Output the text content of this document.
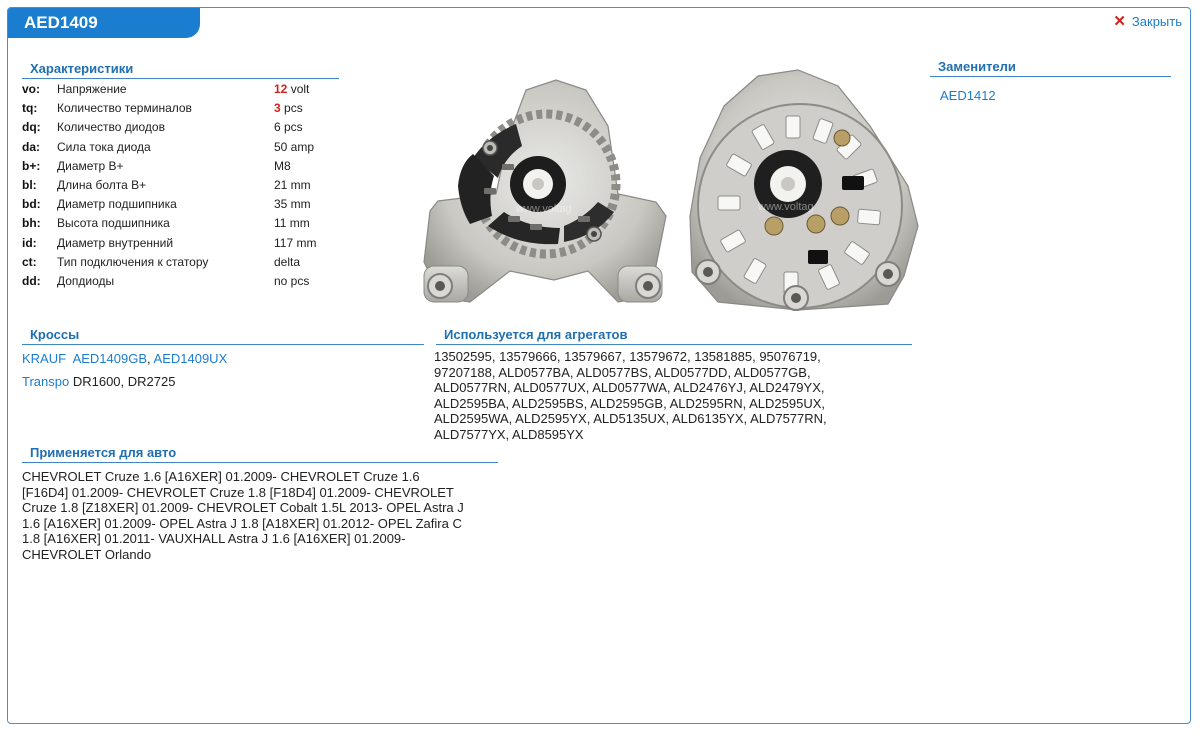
AED1409	✕ Закрыть
Характеристики
vo:	Напряжение	12 volt
tq:	Количество терминалов	3 pcs
dq:	Количество диодов	6 pcs
da:	Сила тока диода	50 amp
b+:	Диаметр B+	M8
bl:	Длина болта B+	21 mm
bd:	Диаметр подшипника	35 mm
bh:	Высота подшипника	11 mm
id:	Диаметр внутренний	117 mm
ct:	Тип подключения к статору	delta
dd:	Допдиоды	no pcs
www.voltag	www.voltag
Заменители
AED1412
Кроссы
KRAUF AED1409GB, AED1409UX
Transpo DR1600, DR2725
Используется для агрегатов
13502595, 13579666, 13579667, 13579672, 13581885, 95076719,
97207188, ALD0577BA, ALD0577BS, ALD0577DD, ALD0577GB,
ALD0577RN, ALD0577UX, ALD0577WA, ALD2476YJ, ALD2479YX,
ALD2595BA, ALD2595BS, ALD2595GB, ALD2595RN, ALD2595UX,
ALD2595WA, ALD2595YX, ALD5135UX, ALD6135YX, ALD7577RN,
ALD7577YX, ALD8595YX
Применяется для авто
CHEVROLET Cruze 1.6 [A16XER] 01.2009- CHEVROLET Cruze 1.6
[F16D4] 01.2009- CHEVROLET Cruze 1.8 [F18D4] 01.2009- CHEVROLET
Cruze 1.8 [Z18XER] 01.2009- CHEVROLET Cobalt 1.5L 2013- OPEL Astra J
1.6 [A16XER] 01.2009- OPEL Astra J 1.8 [A18XER] 01.2012- OPEL Zafira C
1.8 [A16XER] 01.2011- VAUXHALL Astra J 1.6 [A16XER] 01.2009-
CHEVROLET Orlando
